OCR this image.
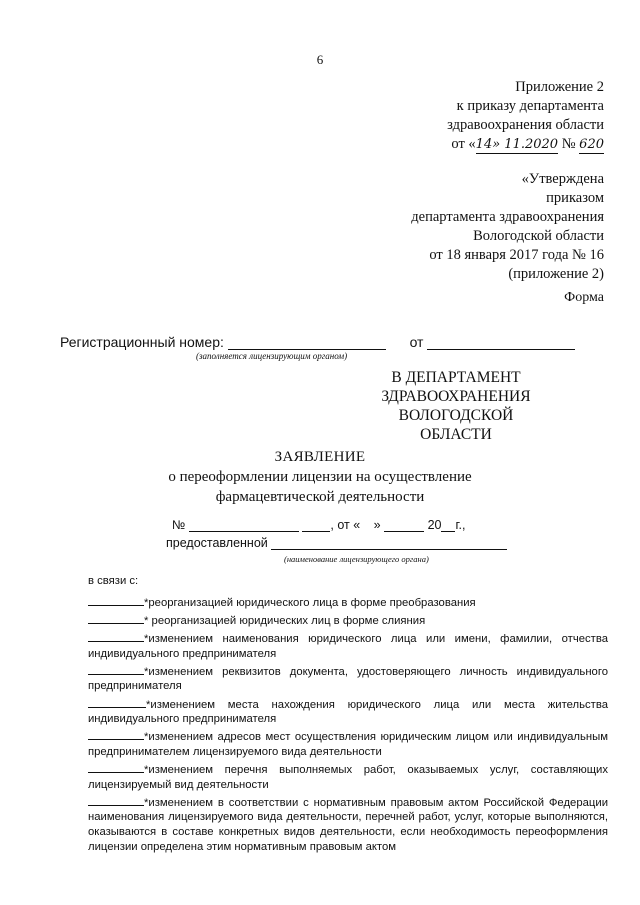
6
Приложение 2
к приказу департамента
здравоохранения области
от «14» 11.2020 № 620
«Утверждена
приказом
департамента здравоохранения
Вологодской области
от 18 января 2017 года № 16
(приложение 2)
Форма
Регистрационный номер:	от
(заполняется лицензирующим органом)
В ДЕПАРТАМЕНТ
ЗДРАВООХРАНЕНИЯ
ВОЛОГОДСКОЙ
ОБЛАСТИ
ЗАЯВЛЕНИЕ
о переоформлении лицензии на осуществление
фармацевтической деятельности
№	, от « »	20 г.,
предоставленной
(наименование лицензирующего органа)
в связи с:
*реорганизацией юридического лица в форме преобразования
* реорганизацией юридических лиц в форме слияния
*изменением наименования юридического лица или имени, фамилии, отчества индивидуального предпринимателя
*изменением реквизитов документа, удостоверяющего личность индивидуального предпринимателя
*изменением места нахождения юридического лица или места жительства индивидуального предпринимателя
*изменением адресов мест осуществления юридическим лицом или индивидуальным предпринимателем лицензируемого вида деятельности
*изменением перечня выполняемых работ, оказываемых услуг, составляющих лицензируемый вид деятельности
*изменением в соответствии с нормативным правовым актом Российской Федерации наименования лицензируемого вида деятельности, перечней работ, услуг, которые выполняются, оказываются в составе конкретных видов деятельности, если необходимость переоформления лицензии определена этим нормативным правовым актом
